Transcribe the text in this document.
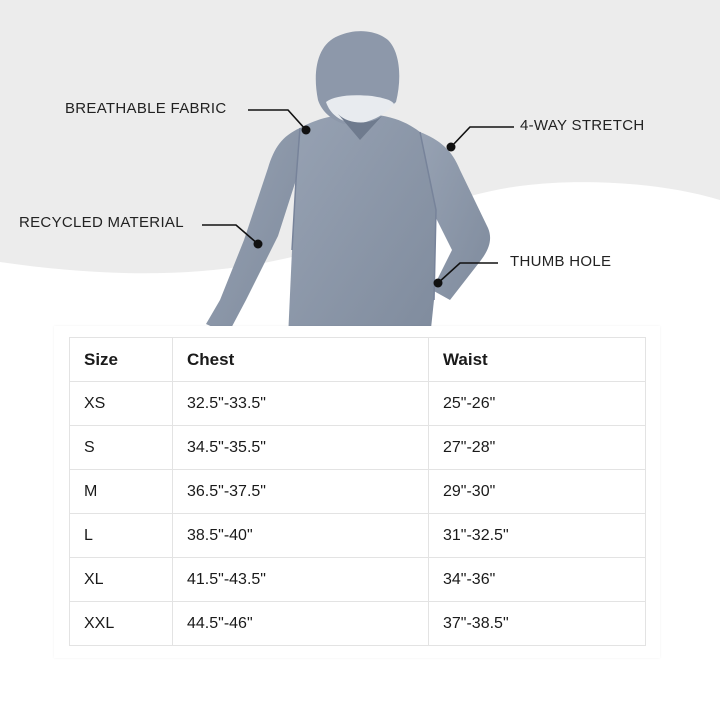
BREATHABLE FABRIC
4-WAY STRETCH
RECYCLED MATERIAL
THUMB HOLE
Size	Chest	Waist
XS	32.5"-33.5"	25"-26"
S	34.5"-35.5"	27"-28"
M	36.5"-37.5"	29"-30"
L	38.5"-40"	31"-32.5"
XL	41.5"-43.5"	34"-36"
XXL	44.5"-46"	37"-38.5"
